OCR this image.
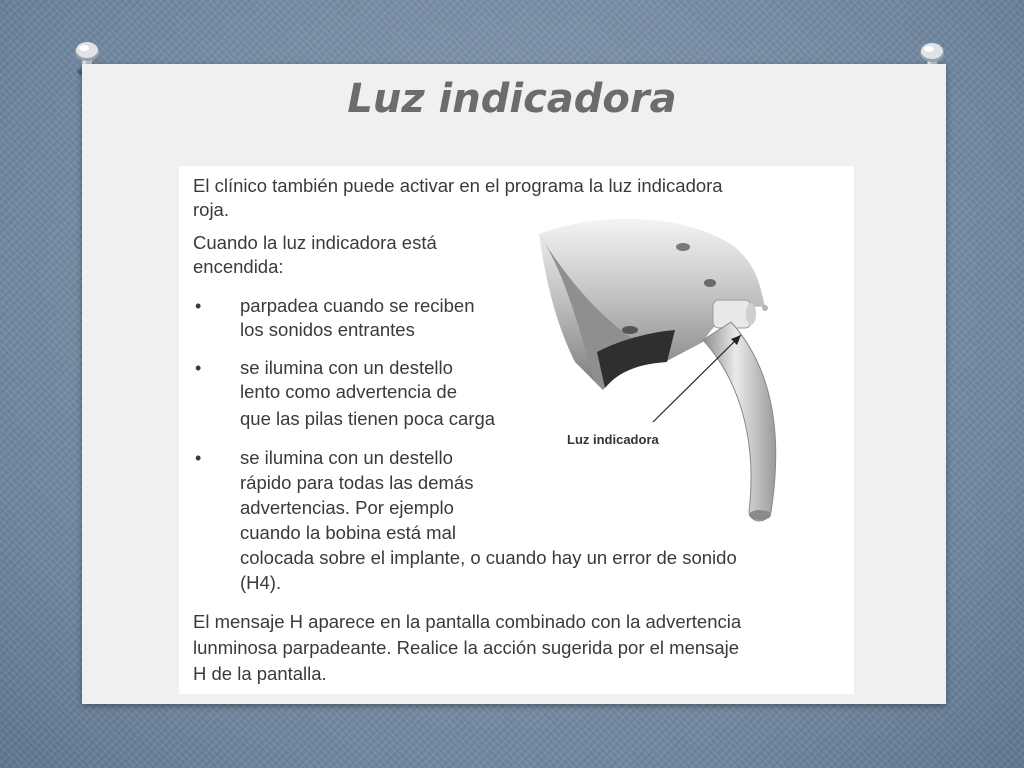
Luz indicadora
El clínico también puede activar en el programa la luz indicadora
roja.
Cuando la luz indicadora está
encendida:
• parpadea cuando se reciben
los sonidos entrantes
• se ilumina con un destello
lento como advertencia de
que las pilas tienen poca carga
• se ilumina con un destello
rápido para todas las demás
advertencias. Por ejemplo
cuando la bobina está mal
colocada sobre el implante, o cuando hay un error de sonido
(H4).
El mensaje H aparece en la pantalla combinado con la advertencia
lunminosa parpadeante. Realice la acción sugerida por el mensaje
H de la pantalla.
Luz indicadora
